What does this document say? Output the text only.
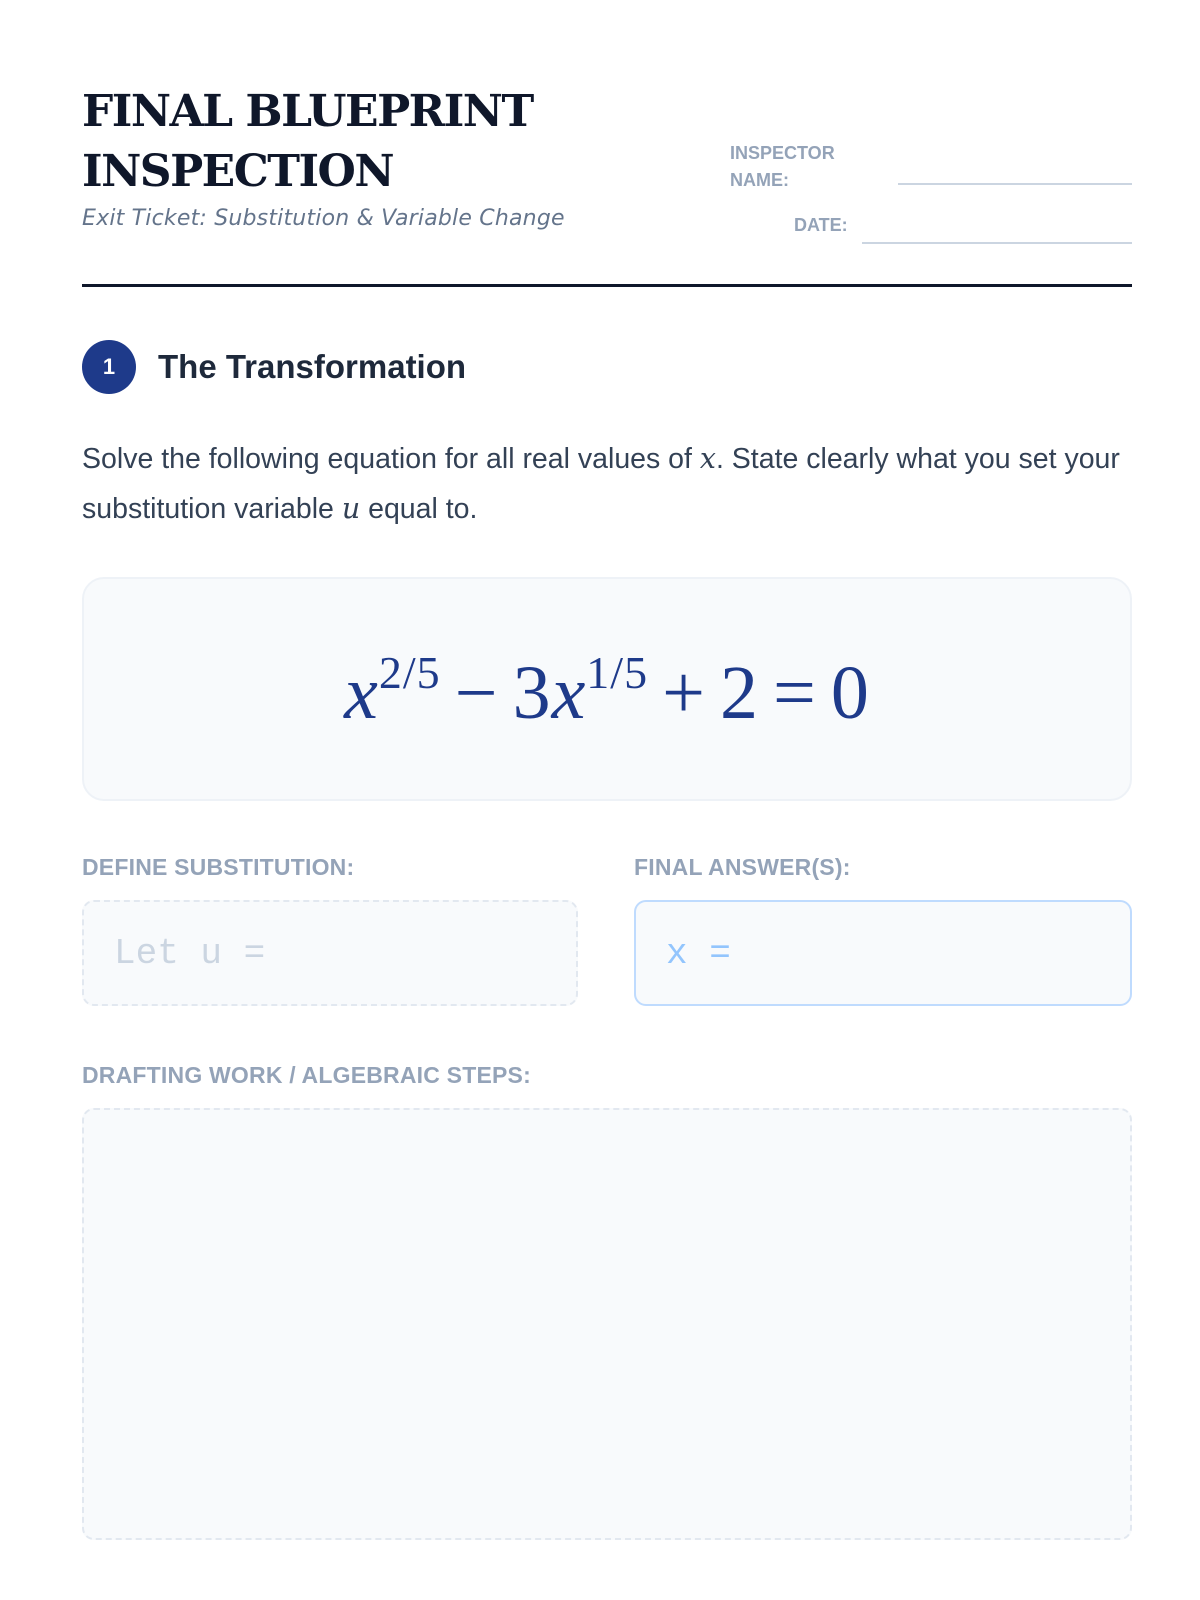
FINAL BLUEPRINT
INSPECTION
Exit Ticket: Substitution & Variable Change
INSPECTOR
NAME:
DATE:
1	The Transformation
Solve the following equation for all real values of x. State clearly what you set your substitution variable u equal to.
$x^{2/5} - 3x^{1/5} + 2 = 0$
DEFINE SUBSTITUTION:
Let u =
FINAL ANSWER(S):
x =
DRAFTING WORK / ALGEBRAIC STEPS:
